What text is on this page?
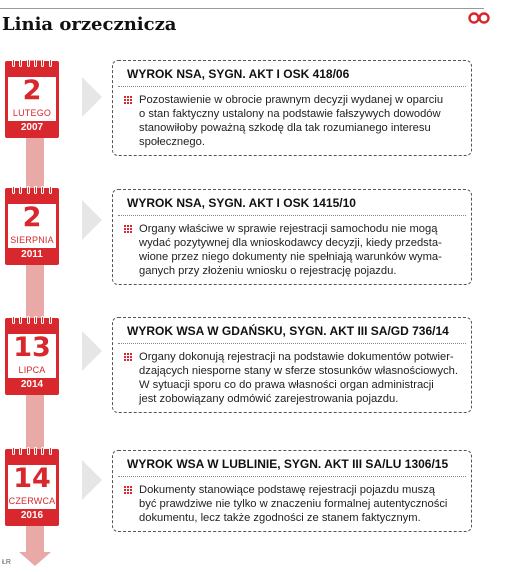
Linia orzecznicza
2
LUTEGO
2007
WYROK NSA, SYGN. AKT I OSK 418/06
Pozostawienie w obrocie prawnym decyzji wydanej w oparciu
o stan faktyczny ustalony na podstawie fałszywych dowodów
stanowiłoby poważną szkodę dla tak rozumianego interesu
społecznego.
2
SIERPNIA
2011
WYROK NSA, SYGN. AKT I OSK 1415/10
Organy właściwe w sprawie rejestracji samochodu nie mogą
wydać pozytywnej dla wnioskodawcy decyzji, kiedy przedsta-
wione przez niego dokumenty nie spełniają warunków wyma-
ganych przy złożeniu wniosku o rejestrację pojazdu.
13
LIPCA
2014
WYROK WSA W GDAŃSKU, SYGN. AKT III SA/GD 736/14
Organy dokonują rejestracji na podstawie dokumentów potwier-
dzających niesporne stany w sferze stosunków własnościowych.
W sytuacji sporu co do prawa własności organ administracji
jest zobowiązany odmówić zarejestrowania pojazdu.
14
CZERWCA
2016
WYROK WSA W LUBLINIE, SYGN. AKT III SA/LU 1306/15
Dokumenty stanowiące podstawę rejestracji pojazdu muszą
być prawdziwe nie tylko w znaczeniu formalnej autentyczności
dokumentu, lecz także zgodności ze stanem faktycznym.
ŁR
